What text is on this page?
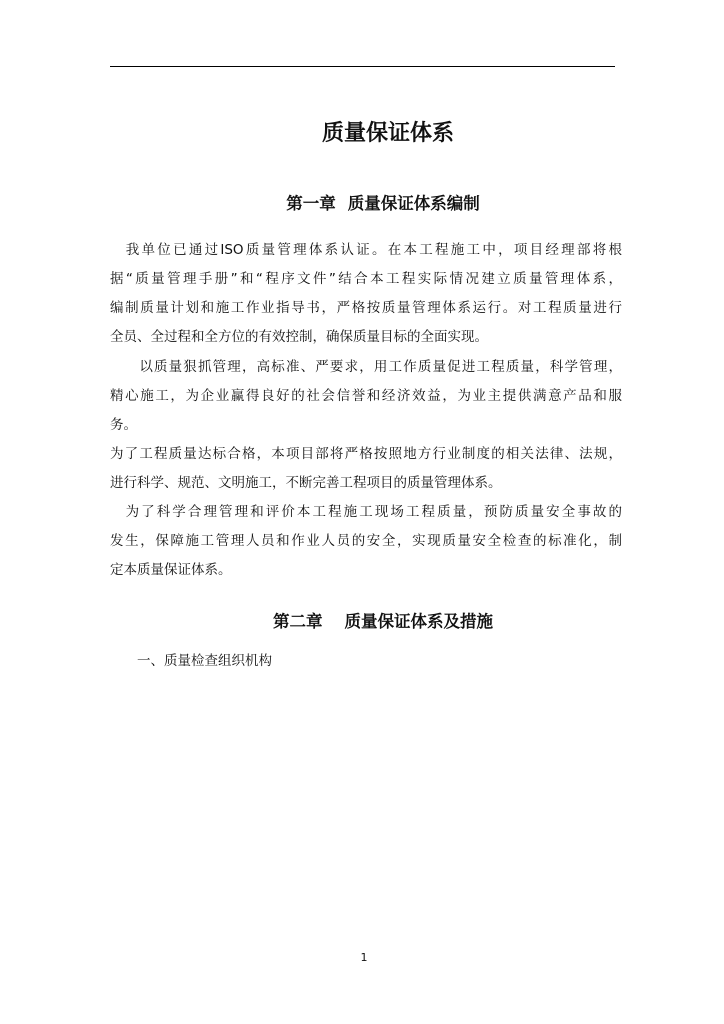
质量保证体系
第一章 质量保证体系编制
　我单位已通过ISO质量管理体系认证。在本工程施工中，项目经理部将根
据“质量管理手册”和“程序文件”结合本工程实际情况建立质量管理体系，
编制质量计划和施工作业指导书，严格按质量管理体系运行。对工程质量进行
全员、全过程和全方位的有效控制，确保质量目标的全面实现。
　　以质量狠抓管理，高标准、严要求，用工作质量促进工程质量，科学管理，
精心施工，为企业赢得良好的社会信誉和经济效益，为业主提供满意产品和服
务。
为了工程质量达标合格，本项目部将严格按照地方行业制度的相关法律、法规，
进行科学、规范、文明施工，不断完善工程项目的质量管理体系。
　为了科学合理管理和评价本工程施工现场工程质量，预防质量安全事故的
发生，保障施工管理人员和作业人员的安全，实现质量安全检查的标准化，制
定本质量保证体系。
第二章 质量保证体系及措施
一、质量检查组织机构
1
